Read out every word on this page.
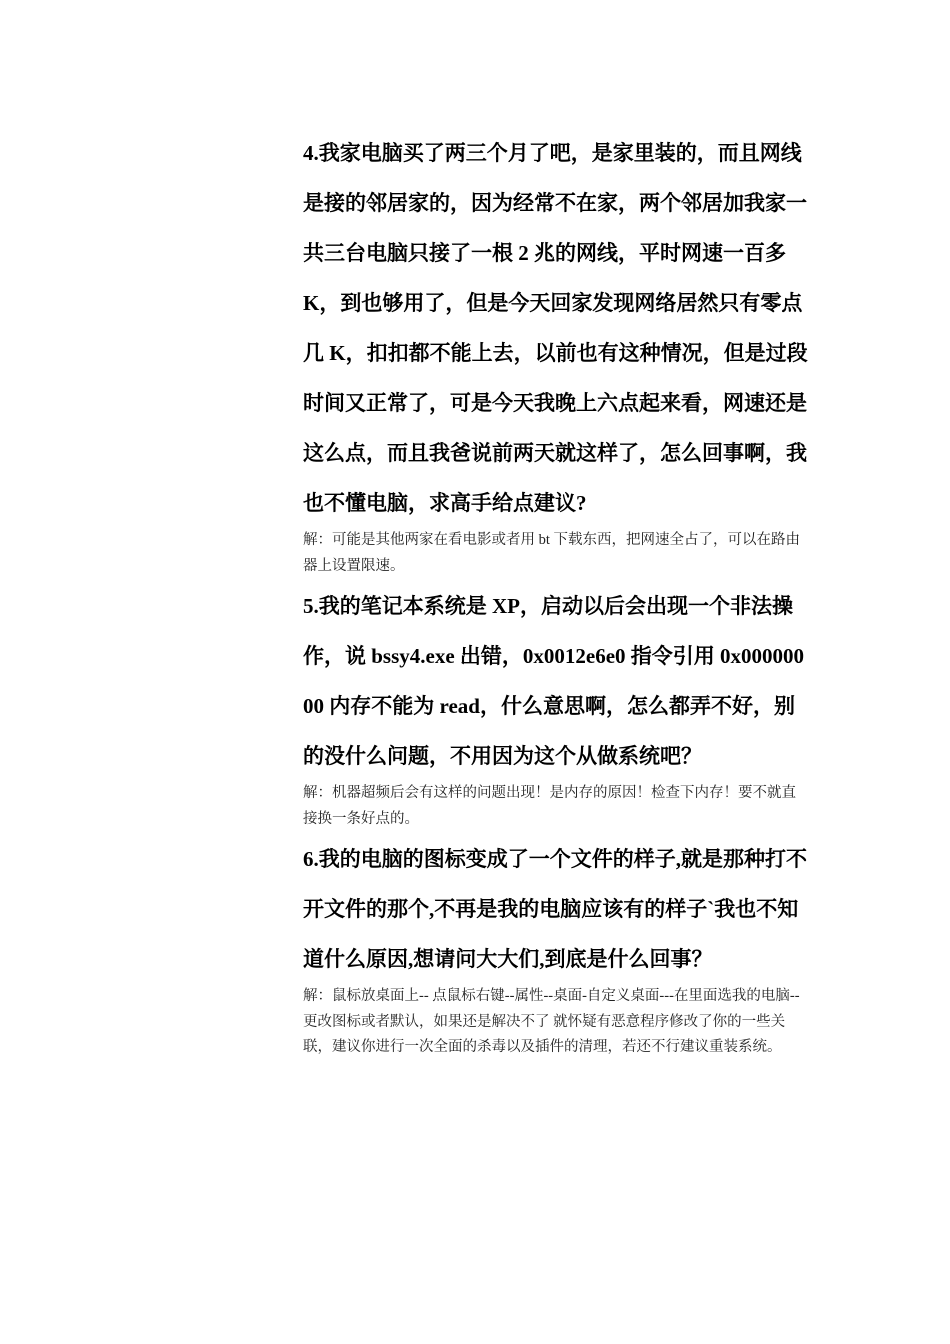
4.我家电脑买了两三个月了吧，是家里装的，而且网线是接的邻居家的，因为经常不在家，两个邻居加我家一共三台电脑只接了一根 2 兆的网线，平时网速一百多 K，到也够用了，但是今天回家发现网络居然只有零点几 K，扣扣都不能上去，以前也有这种情况，但是过段时间又正常了，可是今天我晚上六点起来看，网速还是这么点，而且我爸说前两天就这样了，怎么回事啊，我也不懂电脑，求高手给点建议?

解：可能是其他两家在看电影或者用 bt 下载东西，把网速全占了，可以在路由器上设置限速。

5.我的笔记本系统是 XP，启动以后会出现一个非法操作，说 bssy4.exe 出错，0x0012e6e0 指令引用 0x00000000 内存不能为 read，什么意思啊，怎么都弄不好，别的没什么问题，不用因为这个从做系统吧？

解：机器超频后会有这样的问题出现！是内存的原因！检查下内存！要不就直接换一条好点的。

6.我的电脑的图标变成了一个文件的样子,就是那种打不开文件的那个,不再是我的电脑应该有的样子`我也不知道什么原因,想请问大大们,到底是什么回事？

解：鼠标放桌面上-- 点鼠标右键--属性--桌面-自定义桌面---在里面选我的电脑--更改图标或者默认，如果还是解决不了 就怀疑有恶意程序修改了你的一些关联，建议你进行一次全面的杀毒以及插件的清理，若还不行建议重装系统。
